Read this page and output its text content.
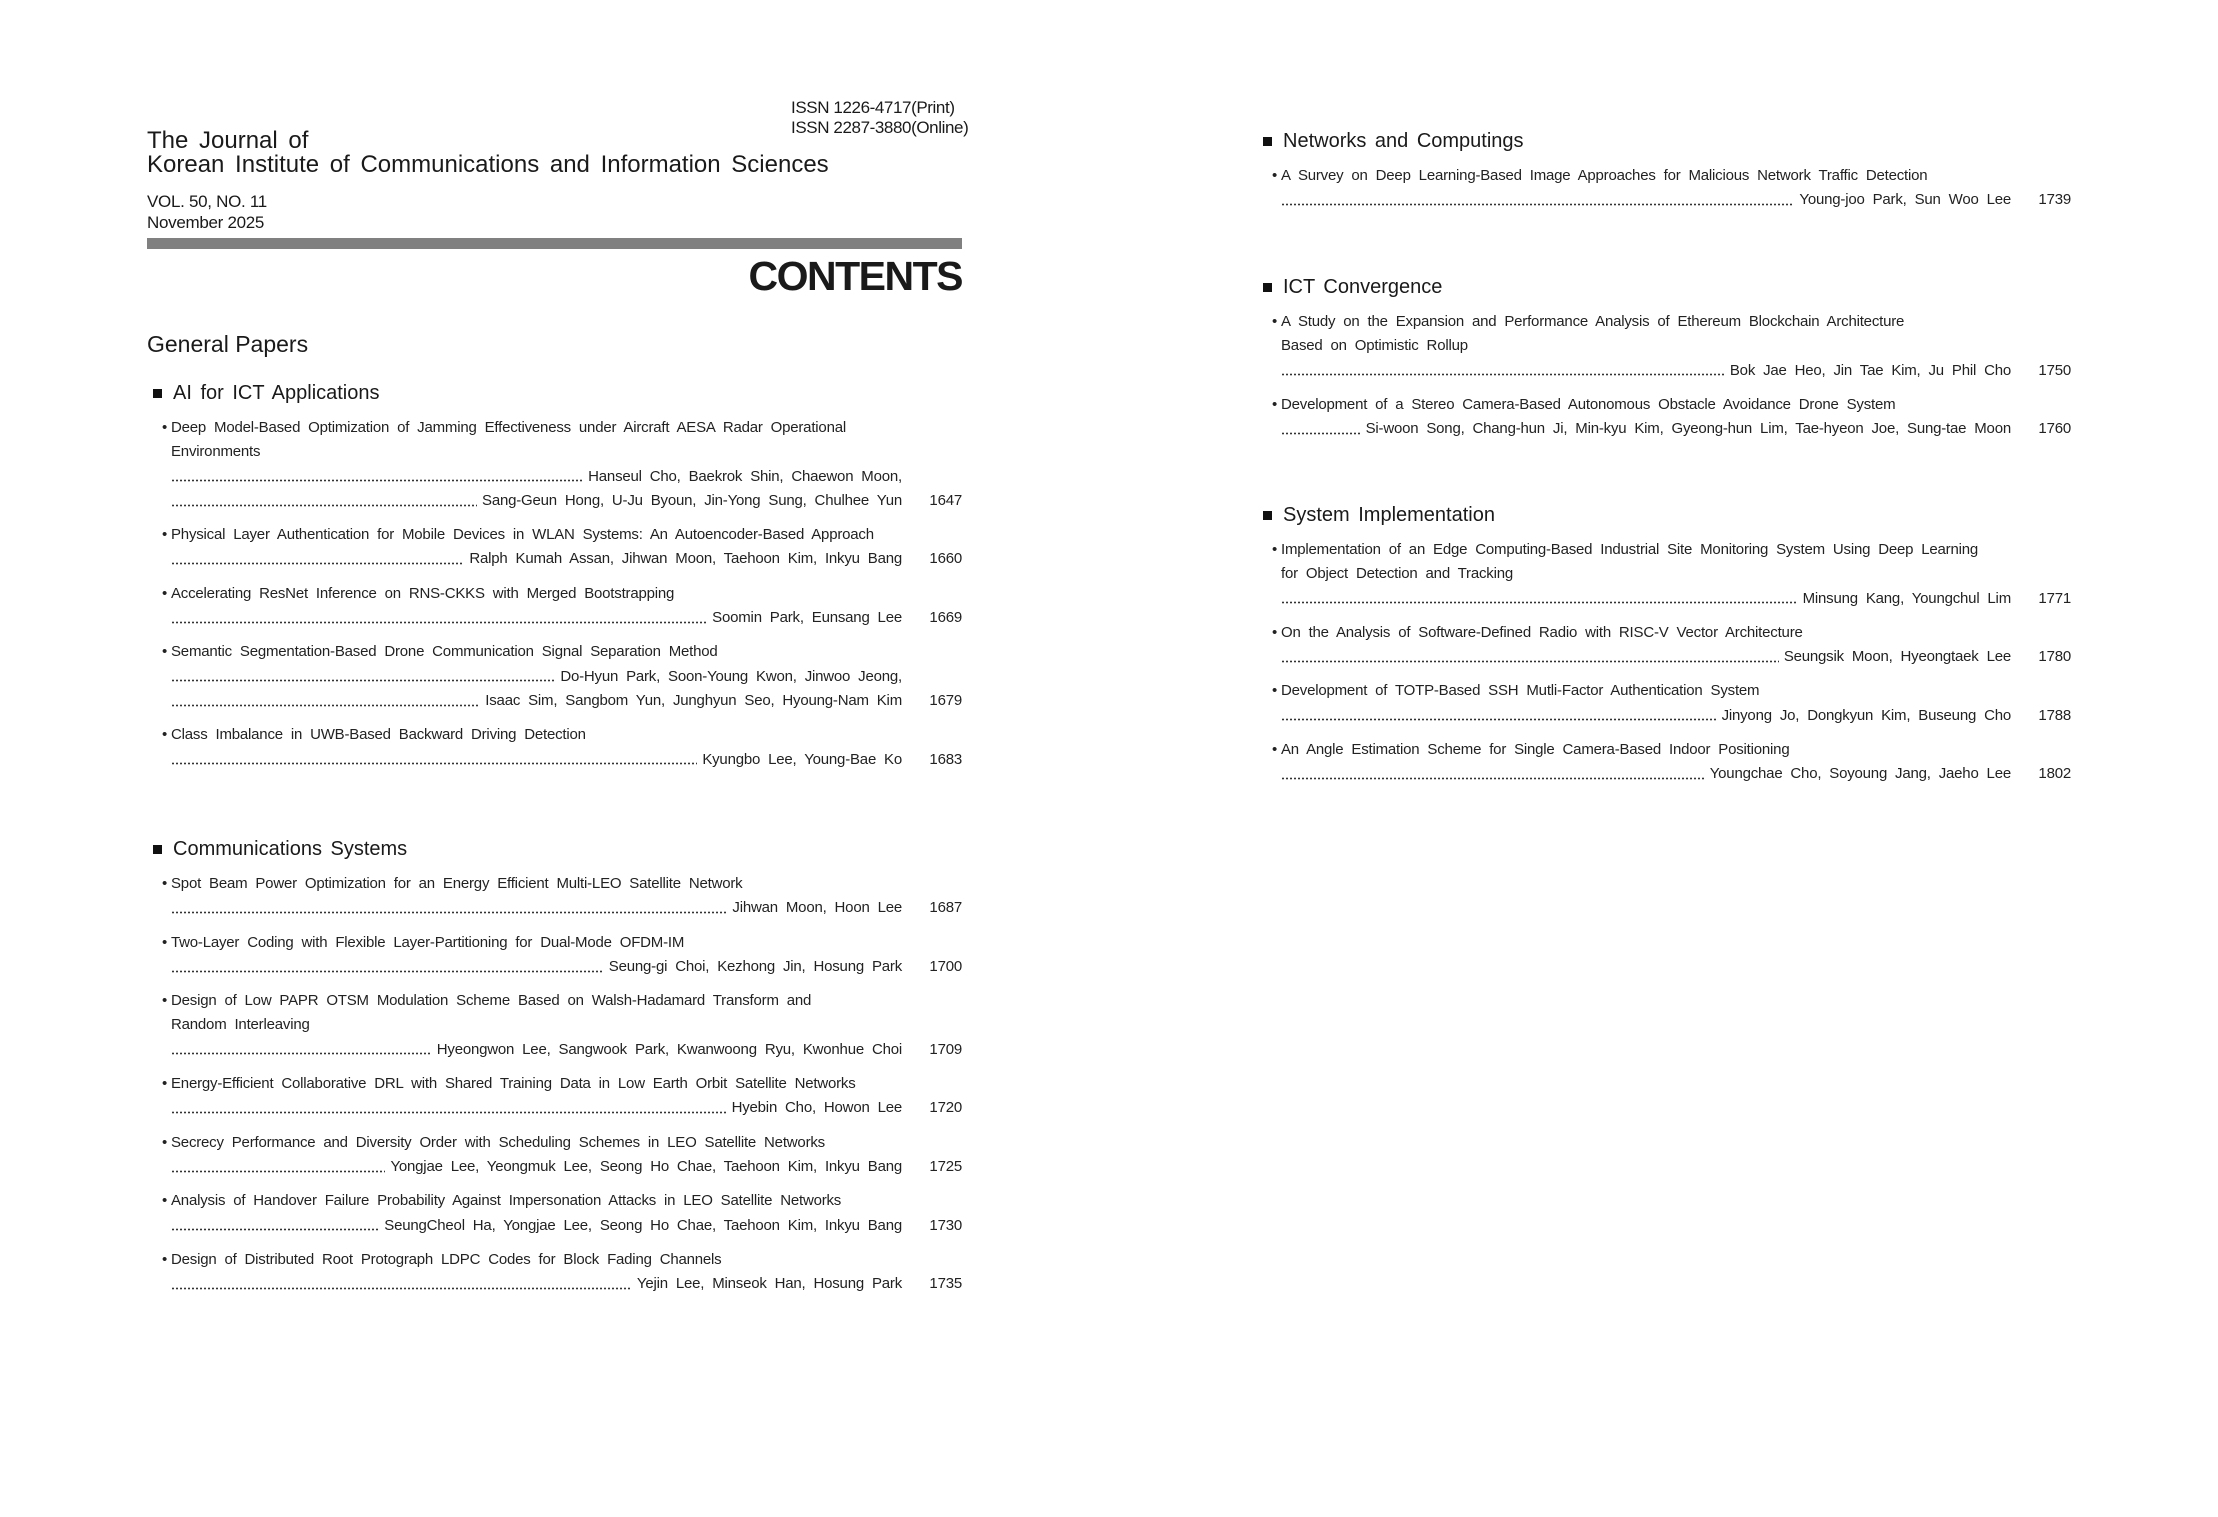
ISSN 1226-4717(Print)
ISSN 2287-3880(Online)
The Journal of
Korean Institute of Communications and Information Sciences
VOL. 50, NO. 11
November 2025
CONTENTS
General Papers
AI for ICT Applications
• Deep Model-Based Optimization of Jamming Effectiveness under Aircraft AESA Radar Operational
Environments
Hanseul Cho, Baekrok Shin, Chaewon Moon,
Sang-Geun Hong, U-Ju Byoun, Jin-Yong Sung, Chulhee Yun	1647
• Physical Layer Authentication for Mobile Devices in WLAN Systems: An Autoencoder-Based Approach
Ralph Kumah Assan, Jihwan Moon, Taehoon Kim, Inkyu Bang	1660
• Accelerating ResNet Inference on RNS-CKKS with Merged Bootstrapping
Soomin Park, Eunsang Lee	1669
• Semantic Segmentation-Based Drone Communication Signal Separation Method
Do-Hyun Park, Soon-Young Kwon, Jinwoo Jeong,
Isaac Sim, Sangbom Yun, Junghyun Seo, Hyoung-Nam Kim	1679
• Class Imbalance in UWB-Based Backward Driving Detection
Kyungbo Lee, Young-Bae Ko	1683
Communications Systems
• Spot Beam Power Optimization for an Energy Efficient Multi-LEO Satellite Network
Jihwan Moon, Hoon Lee	1687
• Two-Layer Coding with Flexible Layer-Partitioning for Dual-Mode OFDM-IM
Seung-gi Choi, Kezhong Jin, Hosung Park	1700
• Design of Low PAPR OTSM Modulation Scheme Based on Walsh-Hadamard Transform and
Random Interleaving
Hyeongwon Lee, Sangwook Park, Kwanwoong Ryu, Kwonhue Choi	1709
• Energy-Efficient Collaborative DRL with Shared Training Data in Low Earth Orbit Satellite Networks
Hyebin Cho, Howon Lee	1720
• Secrecy Performance and Diversity Order with Scheduling Schemes in LEO Satellite Networks
Yongjae Lee, Yeongmuk Lee, Seong Ho Chae, Taehoon Kim, Inkyu Bang	1725
• Analysis of Handover Failure Probability Against Impersonation Attacks in LEO Satellite Networks
SeungCheol Ha, Yongjae Lee, Seong Ho Chae, Taehoon Kim, Inkyu Bang	1730
• Design of Distributed Root Protograph LDPC Codes for Block Fading Channels
Yejin Lee, Minseok Han, Hosung Park	1735
Networks and Computings
• A Survey on Deep Learning-Based Image Approaches for Malicious Network Traffic Detection
Young-joo Park, Sun Woo Lee	1739
ICT Convergence
• A Study on the Expansion and Performance Analysis of Ethereum Blockchain Architecture
Based on Optimistic Rollup
Bok Jae Heo, Jin Tae Kim, Ju Phil Cho	1750
• Development of a Stereo Camera-Based Autonomous Obstacle Avoidance Drone System
Si-woon Song, Chang-hun Ji, Min-kyu Kim, Gyeong-hun Lim, Tae-hyeon Joe, Sung-tae Moon	1760
System Implementation
• Implementation of an Edge Computing-Based Industrial Site Monitoring System Using Deep Learning
for Object Detection and Tracking
Minsung Kang, Youngchul Lim	1771
• On the Analysis of Software-Defined Radio with RISC-V Vector Architecture
Seungsik Moon, Hyeongtaek Lee	1780
• Development of TOTP-Based SSH Mutli-Factor Authentication System
Jinyong Jo, Dongkyun Kim, Buseung Cho	1788
• An Angle Estimation Scheme for Single Camera-Based Indoor Positioning
Youngchae Cho, Soyoung Jang, Jaeho Lee	1802
